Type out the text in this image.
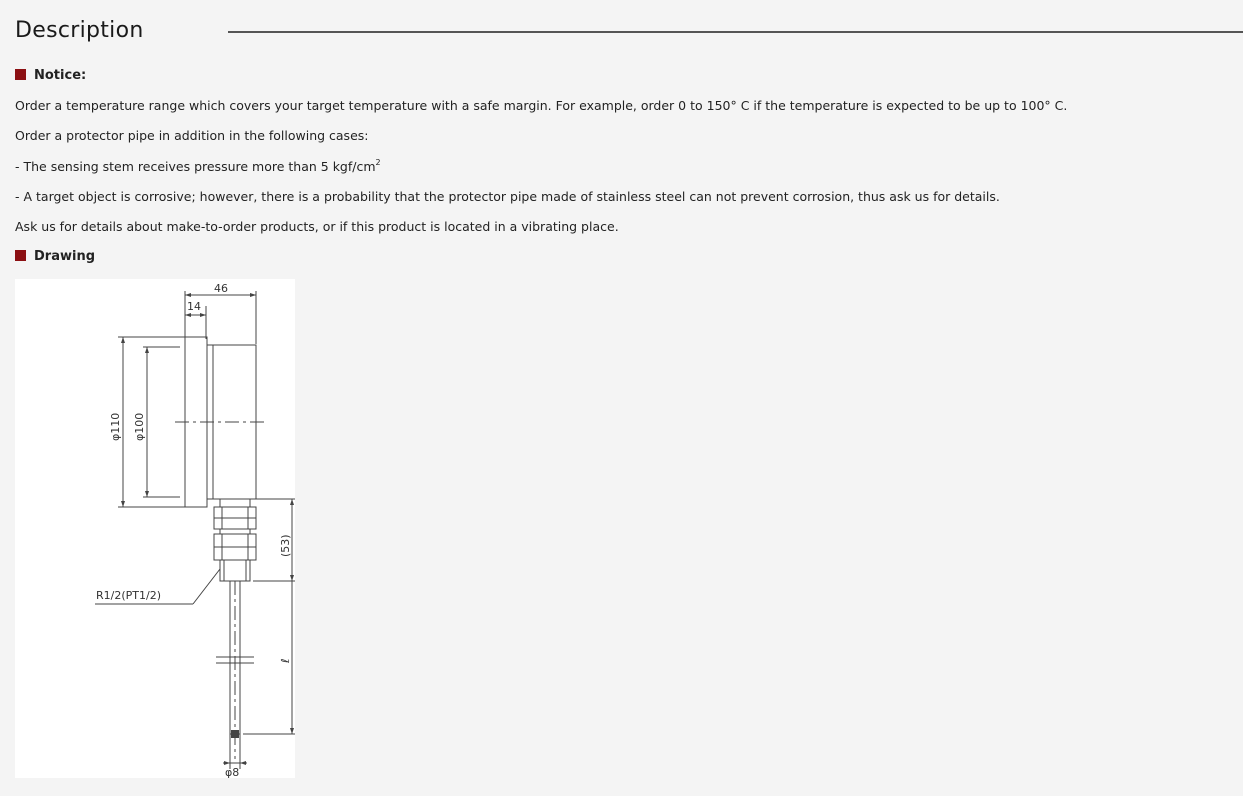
Description
Notice:
Order a temperature range which covers your target temperature with a safe margin. For example, order 0 to 150° C if the temperature is expected to be up to 100° C.
Order a protector pipe in addition in the following cases:
- The sensing stem receives pressure more than 5 kgf/$cm^2$
- A target object is corrosive; however, there is a probability that the protector pipe made of stainless steel can not prevent corrosion, thus ask us for details.
Ask us for details about make-to-order products, or if this product is located in a vibrating place.
Drawing
46
14
φ110 φ100
(53)
ℓ
φ8
R1/2(PT1/2)
